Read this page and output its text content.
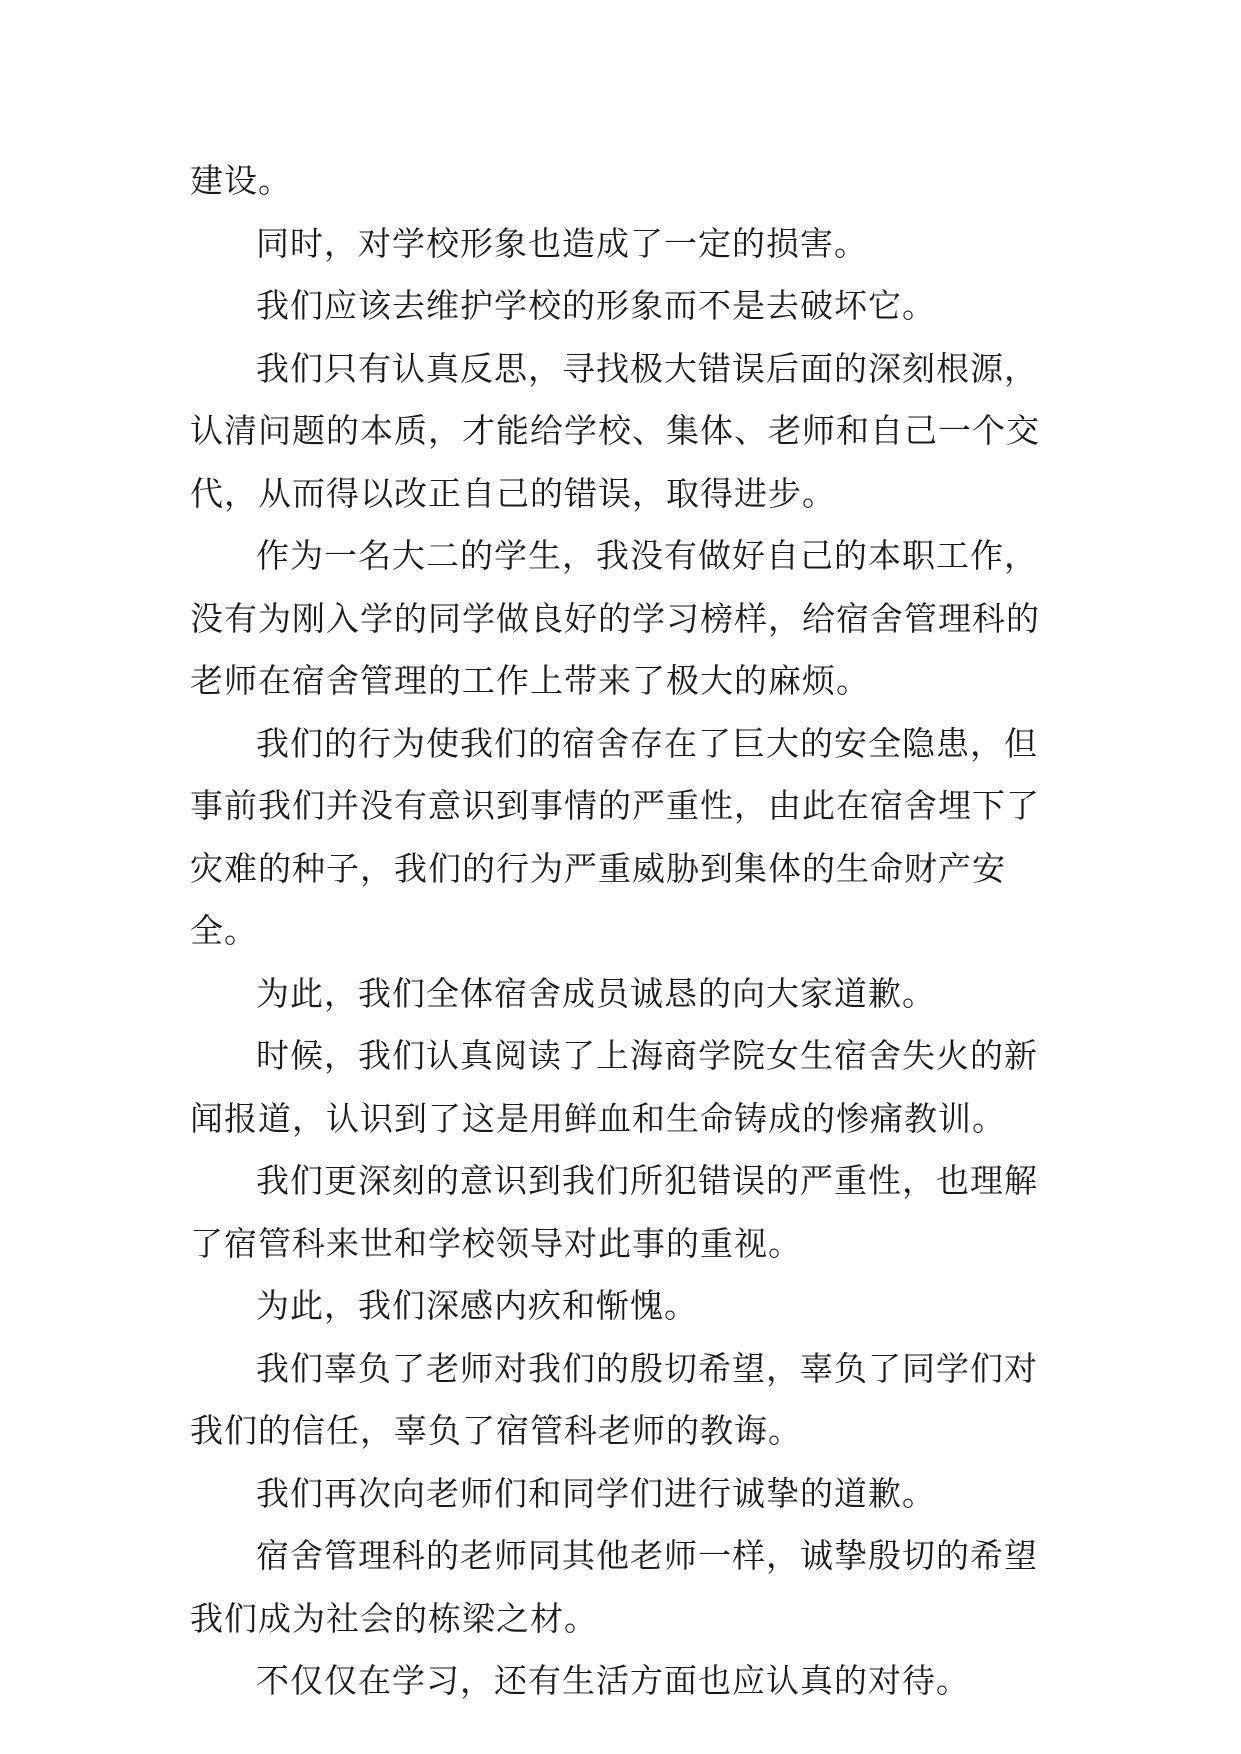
建设。

同时，对学校形象也造成了一定的损害。

我们应该去维护学校的形象而不是去破坏它。

我们只有认真反思，寻找极大错误后面的深刻根源，认清问题的本质，才能给学校、集体、老师和自己一个交代，从而得以改正自己的错误，取得进步。

作为一名大二的学生，我没有做好自己的本职工作，没有为刚入学的同学做良好的学习榜样，给宿舍管理科的老师在宿舍管理的工作上带来了极大的麻烦。

我们的行为使我们的宿舍存在了巨大的安全隐患，但事前我们并没有意识到事情的严重性，由此在宿舍埋下了灾难的种子，我们的行为严重威胁到集体的生命财产安全。

为此，我们全体宿舍成员诚恳的向大家道歉。

时候，我们认真阅读了上海商学院女生宿舍失火的新闻报道，认识到了这是用鲜血和生命铸成的惨痛教训。

我们更深刻的意识到我们所犯错误的严重性，也理解了宿管科来世和学校领导对此事的重视。

为此，我们深感内疚和惭愧。

我们辜负了老师对我们的殷切希望，辜负了同学们对我们的信任，辜负了宿管科老师的教诲。

我们再次向老师们和同学们进行诚挚的道歉。

宿舍管理科的老师同其他老师一样，诚挚殷切的希望我们成为社会的栋梁之材。

不仅仅在学习，还有生活方面也应认真的对待。
